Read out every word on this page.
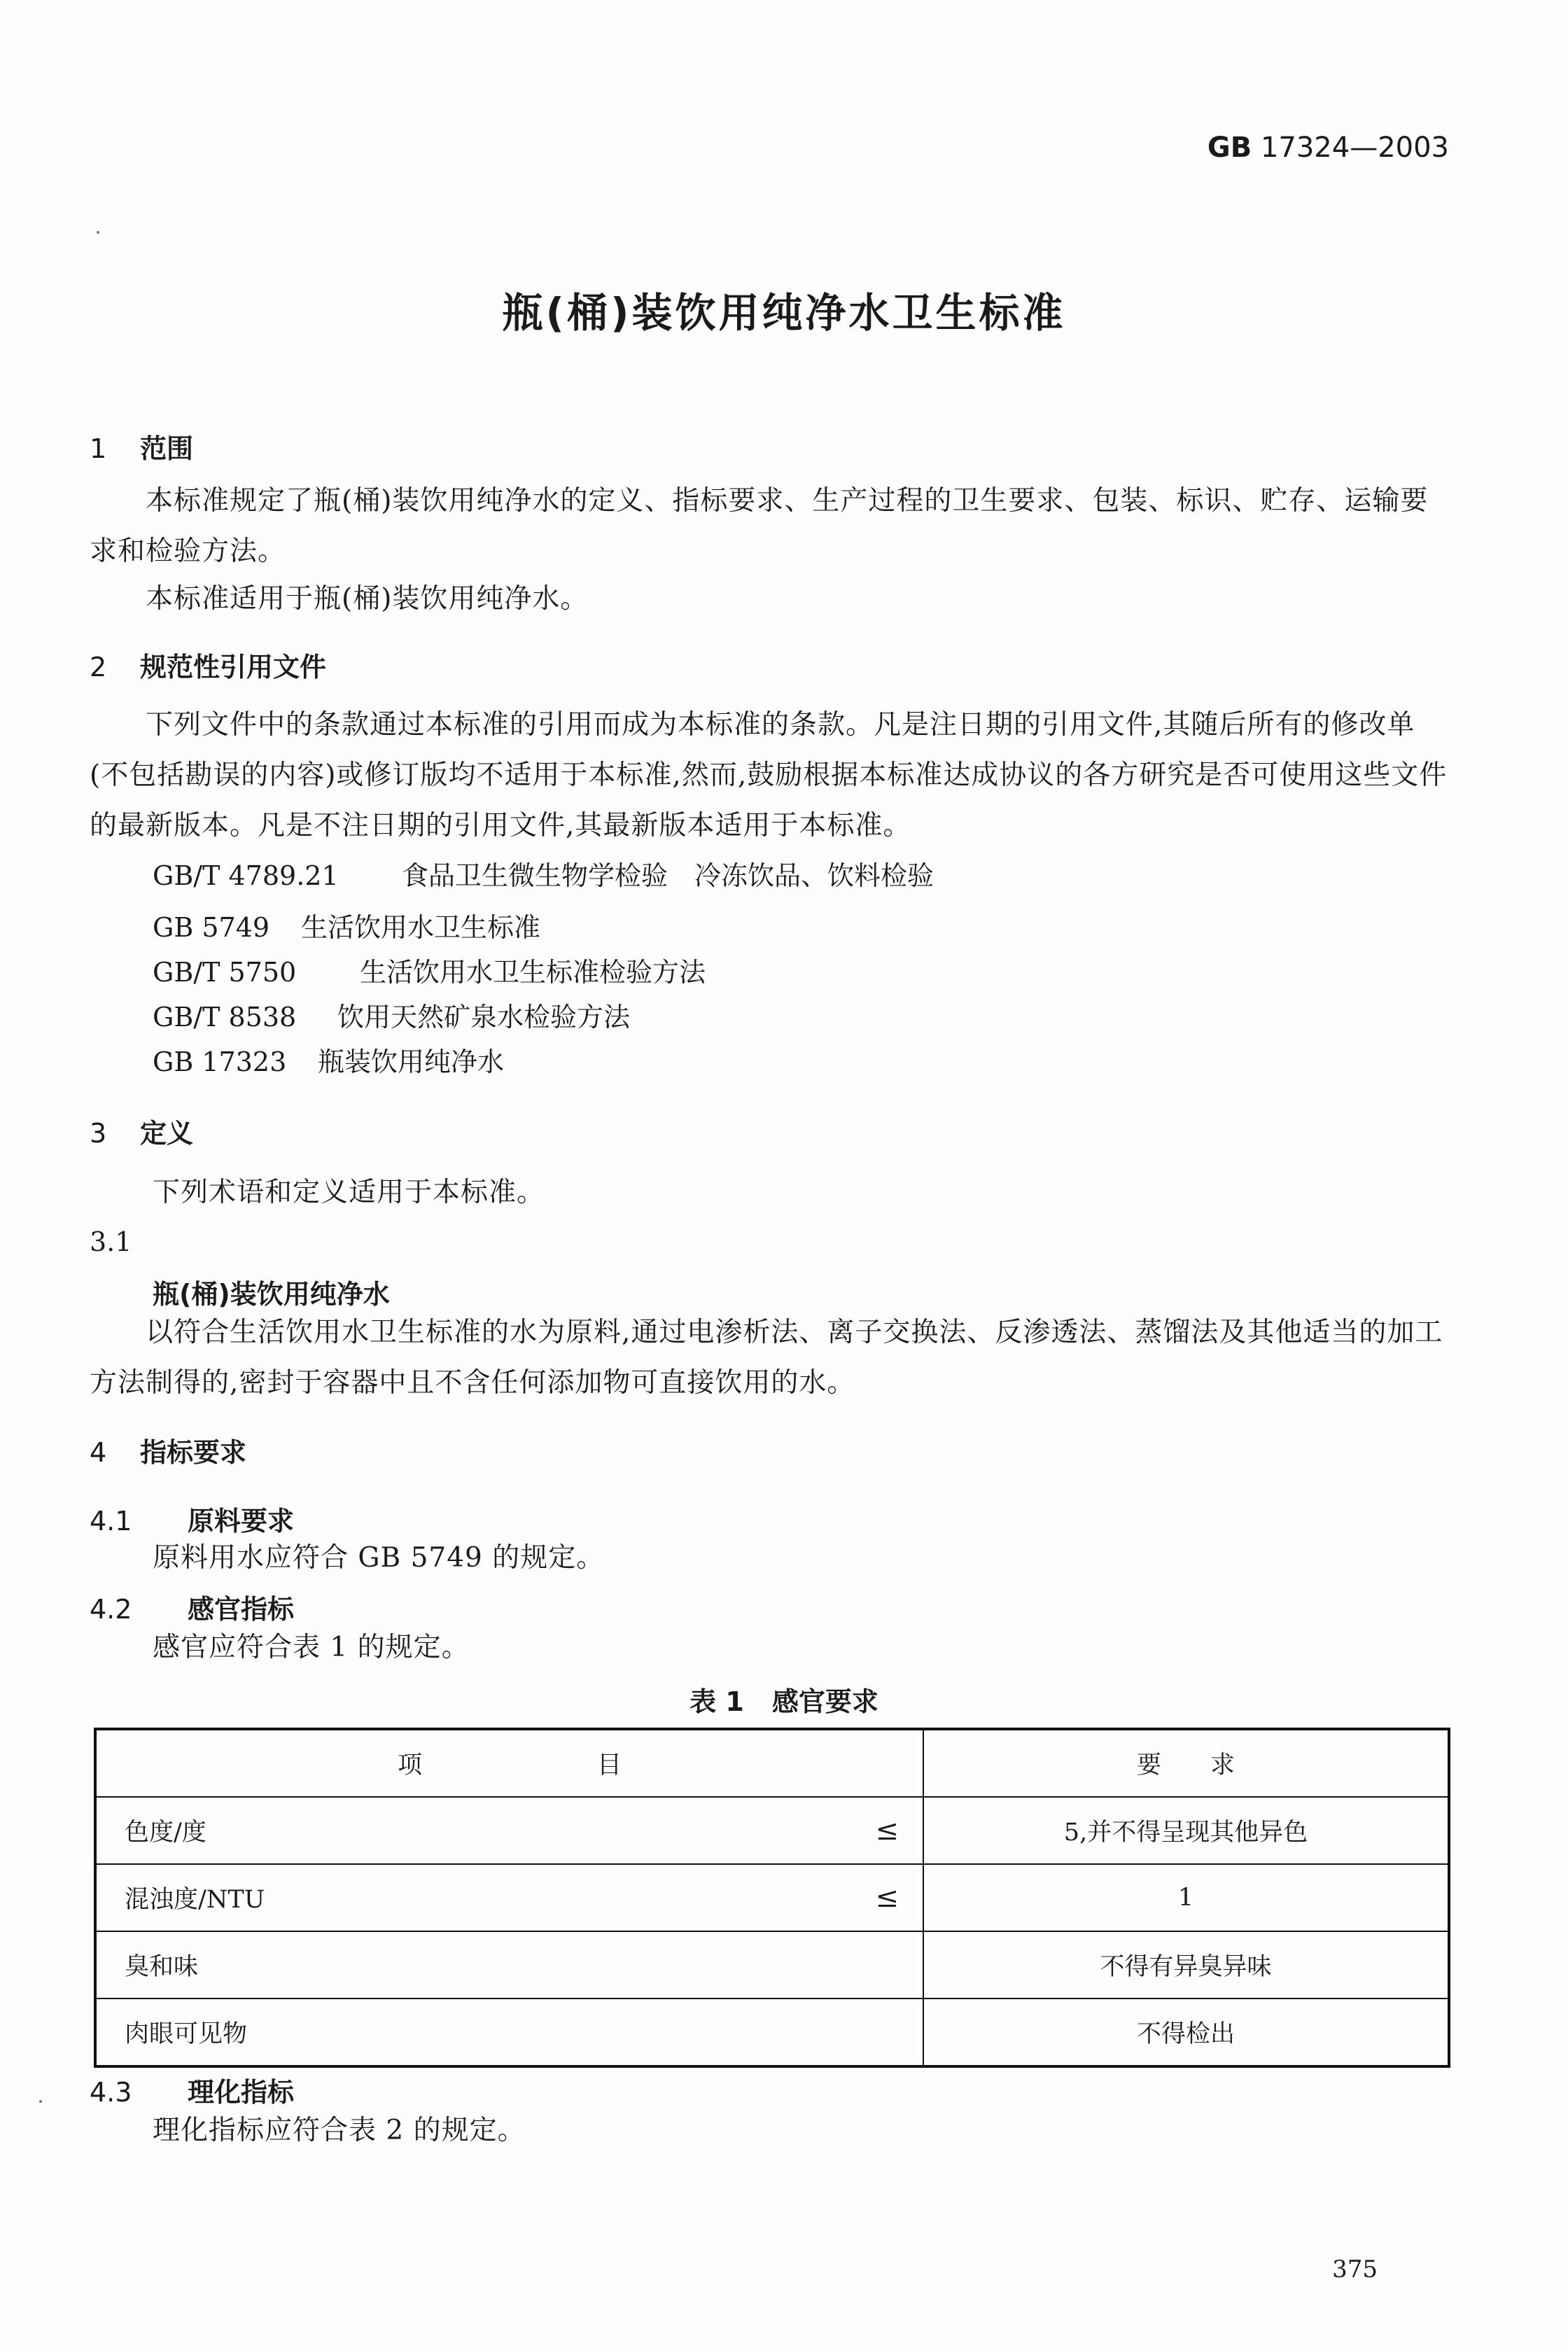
GB 17324—2003
瓶(桶)装饮用纯净水卫生标准
1 范围
本标准规定了瓶(桶)装饮用纯净水的定义、指标要求、生产过程的卫生要求、包装、标识、贮存、运输要求和检验方法。
本标准适用于瓶(桶)装饮用纯净水。
2 规范性引用文件
下列文件中的条款通过本标准的引用而成为本标准的条款。凡是注日期的引用文件,其随后所有的修改单(不包括勘误的内容)或修订版均不适用于本标准,然而,鼓励根据本标准达成协议的各方研究是否可使用这些文件的最新版本。凡是不注日期的引用文件,其最新版本适用于本标准。
GB/T 4789.21 食品卫生微生物学检验　冷冻饮品、饮料检验
GB 5749 生活饮用水卫生标准
GB/T 5750 生活饮用水卫生标准检验方法
GB/T 8538 饮用天然矿泉水检验方法
GB 17323 瓶装饮用纯净水
3 定义
下列术语和定义适用于本标准。
3.1
瓶(桶)装饮用纯净水
以符合生活饮用水卫生标准的水为原料,通过电渗析法、离子交换法、反渗透法、蒸馏法及其他适当的加工方法制得的,密封于容器中且不含任何添加物可直接饮用的水。
4 指标要求
4.1 原料要求
原料用水应符合 GB 5749 的规定。
4.2 感官指标
感官应符合表 1 的规定。
表 1 感官要求
项 目	要　　求
色度/度 ≤	5,并不得呈现其他异色
混浊度/NTU ≤	1
臭和味	不得有异臭异味
肉眼可见物	不得检出
4.3 理化指标
理化指标应符合表 2 的规定。
375
